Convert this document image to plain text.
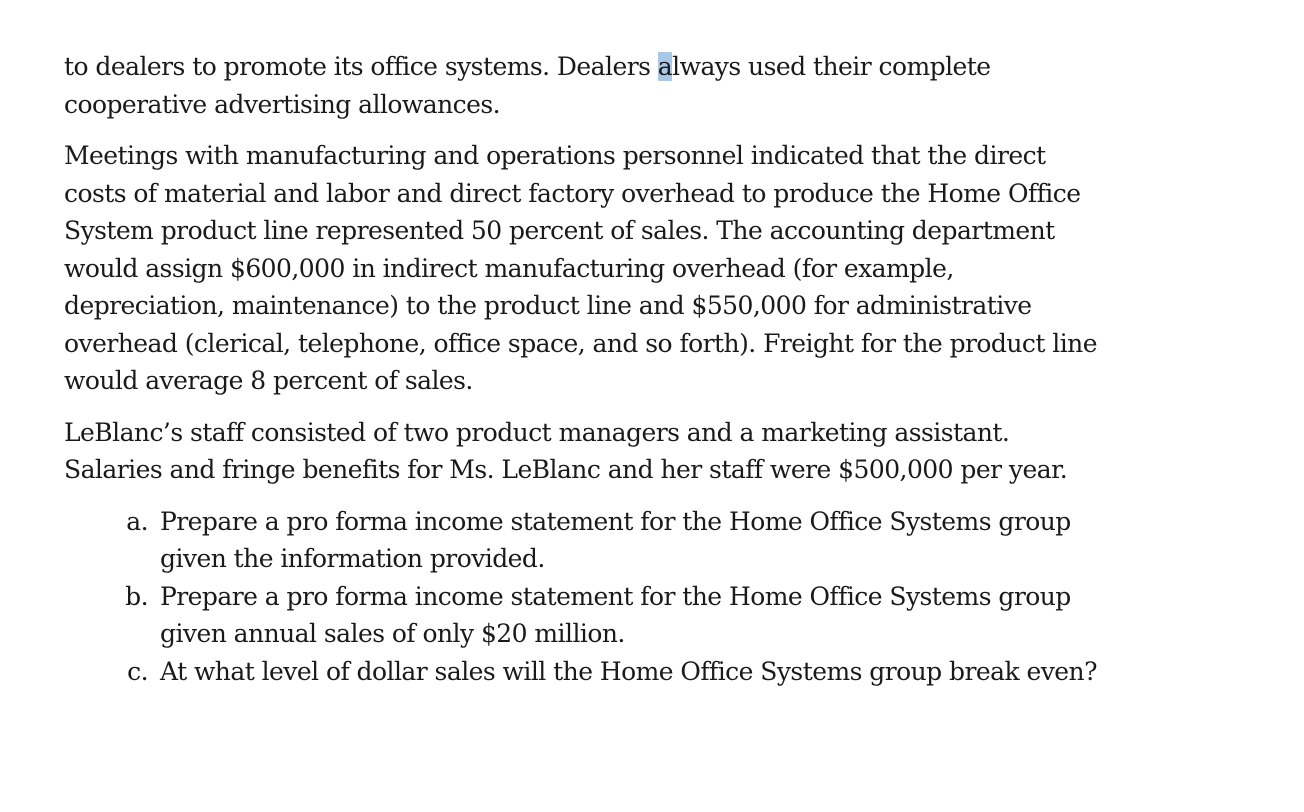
to dealers to promote its office systems. Dealers always used their complete
cooperative advertising allowances.

Meetings with manufacturing and operations personnel indicated that the direct
costs of material and labor and direct factory overhead to produce the Home Office
System product line represented 50 percent of sales. The accounting department
would assign $600,000 in indirect manufacturing overhead (for example,
depreciation, maintenance) to the product line and $550,000 for administrative
overhead (clerical, telephone, office space, and so forth). Freight for the product line
would average 8 percent of sales.

LeBlanc’s staff consisted of two product managers and a marketing assistant.
Salaries and fringe benefits for Ms. LeBlanc and her staff were $500,000 per year.

a. Prepare a pro forma income statement for the Home Office Systems group
given the information provided.
b. Prepare a pro forma income statement for the Home Office Systems group
given annual sales of only $20 million.
c. At what level of dollar sales will the Home Office Systems group break even?
